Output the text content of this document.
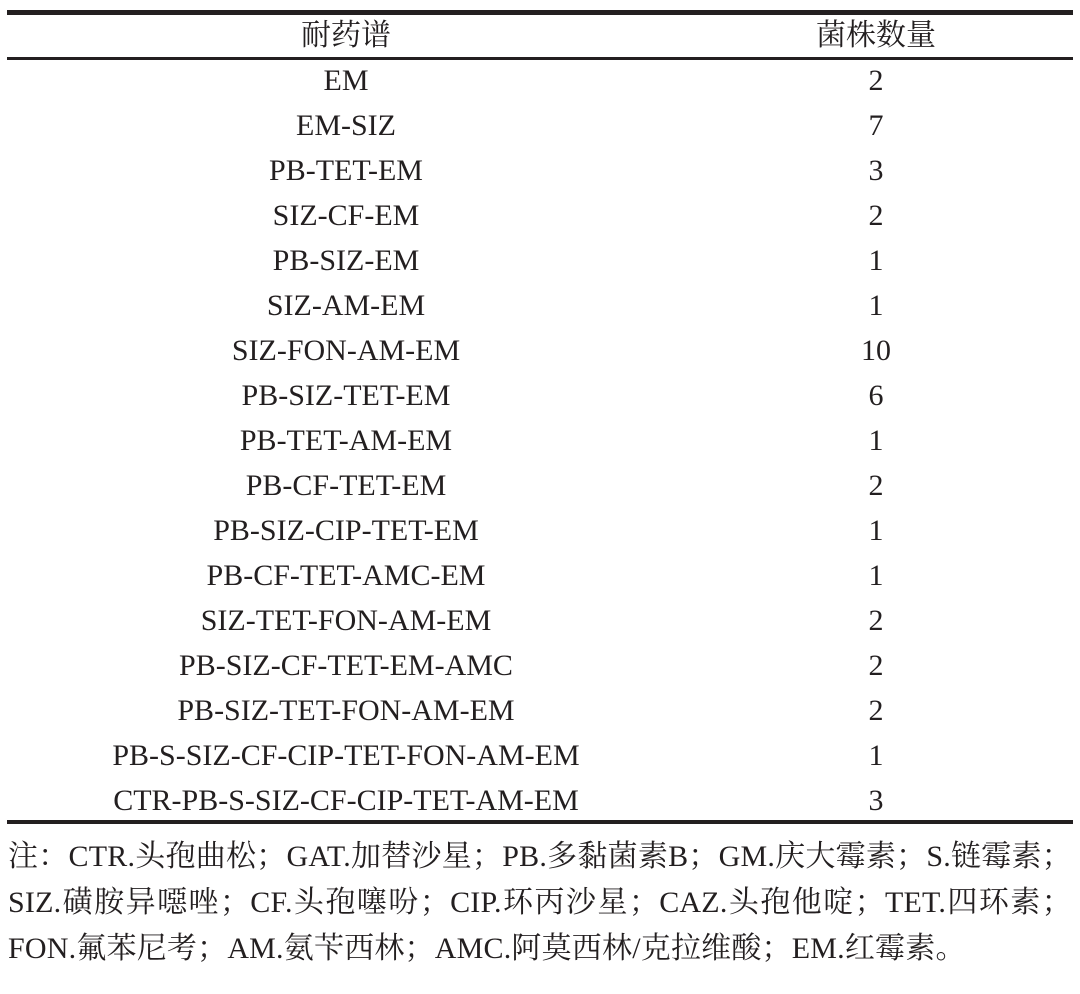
耐药谱	菌株数量
EM	2
EM-SIZ	7
PB-TET-EM	3
SIZ-CF-EM	2
PB-SIZ-EM	1
SIZ-AM-EM	1
SIZ-FON-AM-EM	10
PB-SIZ-TET-EM	6
PB-TET-AM-EM	1
PB-CF-TET-EM	2
PB-SIZ-CIP-TET-EM	1
PB-CF-TET-AMC-EM	1
SIZ-TET-FON-AM-EM	2
PB-SIZ-CF-TET-EM-AMC	2
PB-SIZ-TET-FON-AM-EM	2
PB-S-SIZ-CF-CIP-TET-FON-AM-EM	1
CTR-PB-S-SIZ-CF-CIP-TET-AM-EM	3
注：CTR.头孢曲松；GAT.加替沙星；PB.多黏菌素B；GM.庆大霉素；S.链霉素；SIZ.磺胺异噁唑；CF.头孢噻吩；CIP.环丙沙星；CAZ.头孢他啶；TET.四环素；FON.氟苯尼考；AM.氨苄西林；AMC.阿莫西林/克拉维酸；EM.红霉素。
